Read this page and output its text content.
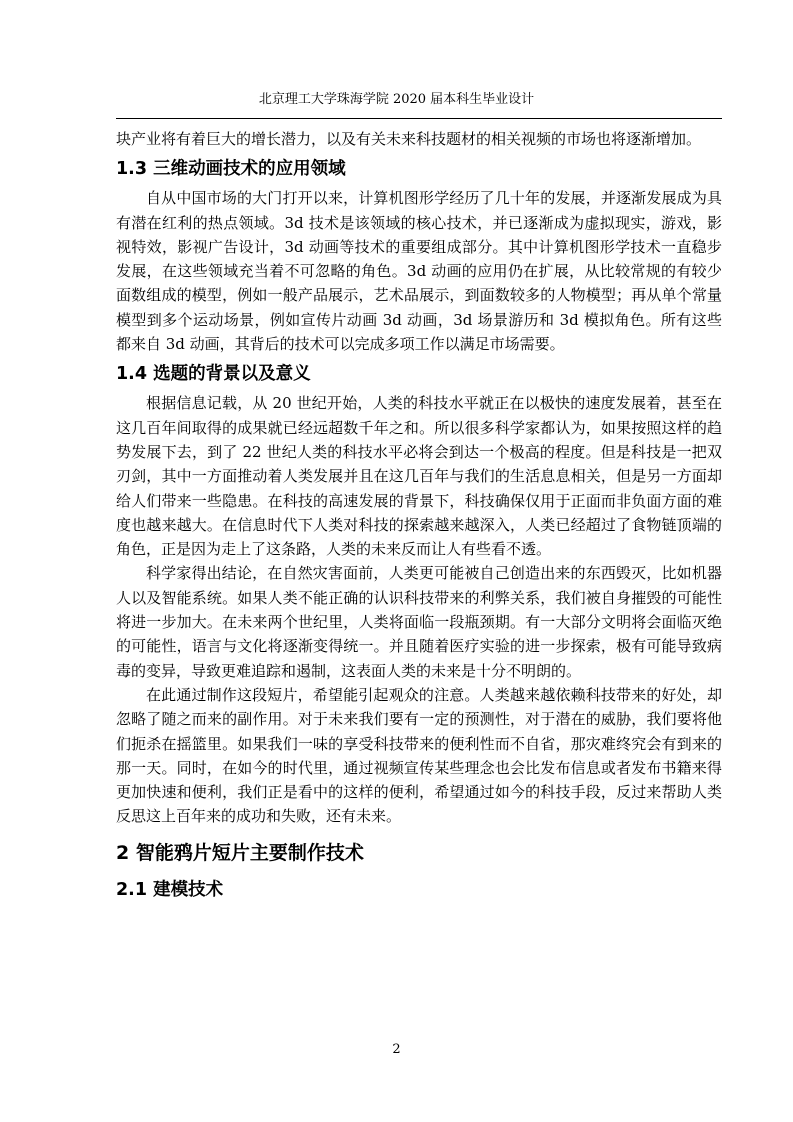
北京理工大学珠海学院 2020 届本科生毕业设计

块产业将有着巨大的增长潜力，以及有关未来科技题材的相关视频的市场也将逐渐增加。

1.3 三维动画技术的应用领域

自从中国市场的大门打开以来，计算机图形学经历了几十年的发展，并逐渐发展成为具有潜在红利的热点领域。3d 技术是该领域的核心技术，并已逐渐成为虚拟现实，游戏，影视特效，影视广告设计，3d 动画等技术的重要组成部分。其中计算机图形学技术一直稳步发展，在这些领域充当着不可忽略的角色。3d 动画的应用仍在扩展，从比较常规的有较少面数组成的模型，例如一般产品展示，艺术品展示，到面数较多的人物模型；再从单个常量模型到多个运动场景，例如宣传片动画 3d 动画，3d 场景游历和 3d 模拟角色。所有这些都来自 3d 动画，其背后的技术可以完成多项工作以满足市场需要。

1.4 选题的背景以及意义

根据信息记载，从 20 世纪开始，人类的科技水平就正在以极快的速度发展着，甚至在这几百年间取得的成果就已经远超数千年之和。所以很多科学家都认为，如果按照这样的趋势发展下去，到了 22 世纪人类的科技水平必将会到达一个极高的程度。但是科技是一把双刃剑，其中一方面推动着人类发展并且在这几百年与我们的生活息息相关，但是另一方面却给人们带来一些隐患。在科技的高速发展的背景下，科技确保仅用于正面而非负面方面的难度也越来越大。在信息时代下人类对科技的探索越来越深入，人类已经超过了食物链顶端的角色，正是因为走上了这条路，人类的未来反而让人有些看不透。

科学家得出结论，在自然灾害面前，人类更可能被自己创造出来的东西毁灭，比如机器人以及智能系统。如果人类不能正确的认识科技带来的利弊关系，我们被自身摧毁的可能性将进一步加大。在未来两个世纪里，人类将面临一段瓶颈期。有一大部分文明将会面临灭绝的可能性，语言与文化将逐渐变得统一。并且随着医疗实验的进一步探索，极有可能导致病毒的变异，导致更难追踪和遏制，这表面人类的未来是十分不明朗的。

在此通过制作这段短片，希望能引起观众的注意。人类越来越依赖科技带来的好处，却忽略了随之而来的副作用。对于未来我们要有一定的预测性，对于潜在的威胁，我们要将他们扼杀在摇篮里。如果我们一味的享受科技带来的便利性而不自省，那灾难终究会有到来的那一天。同时，在如今的时代里，通过视频宣传某些理念也会比发布信息或者发布书籍来得更加快速和便利，我们正是看中的这样的便利，希望通过如今的科技手段，反过来帮助人类反思这上百年来的成功和失败，还有未来。

2 智能鸦片短片主要制作技术
2.1 建模技术
2
